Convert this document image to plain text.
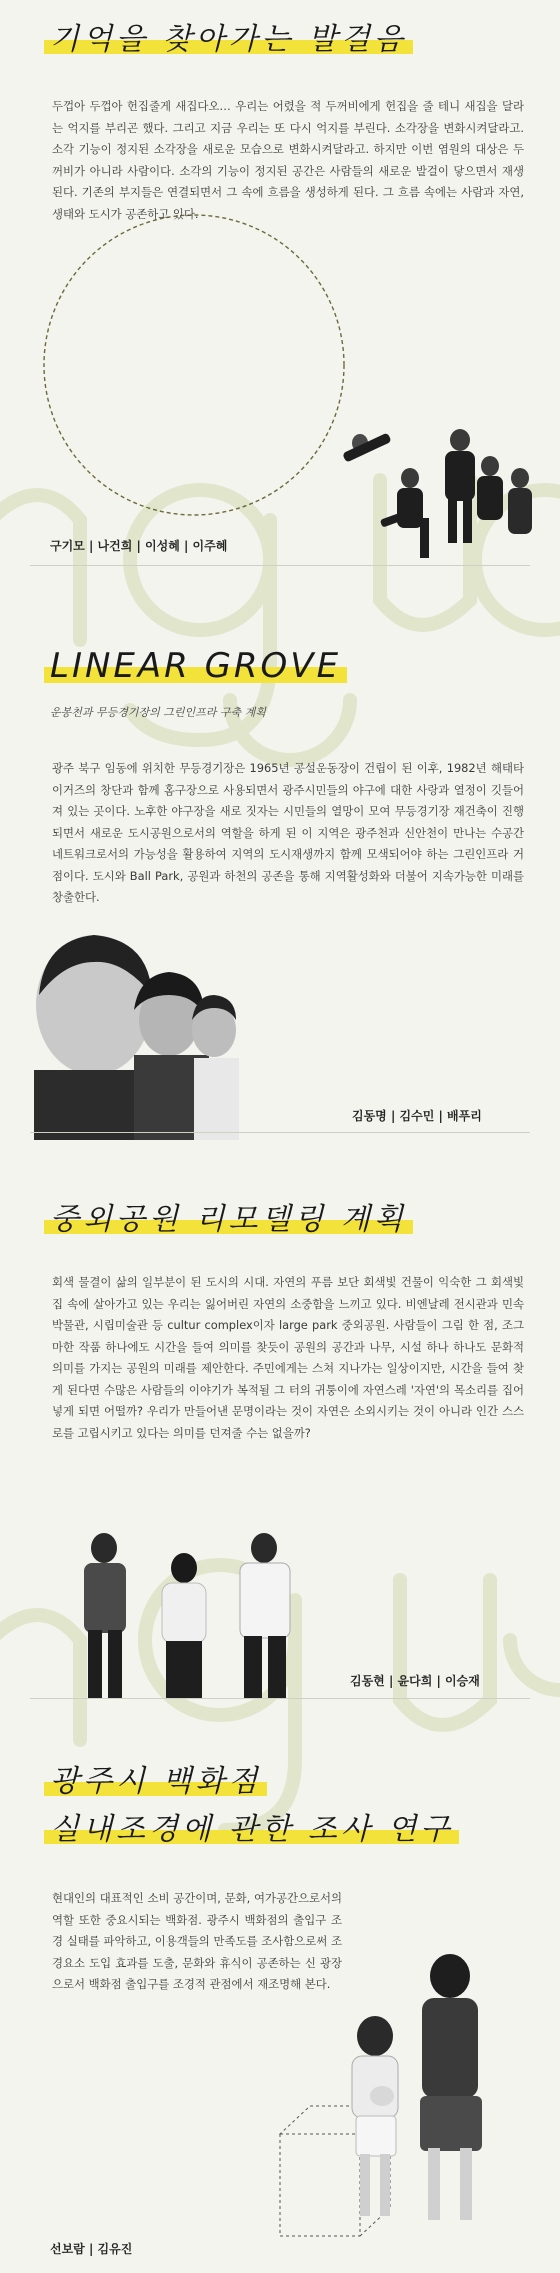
기억을 찾아가는 발걸음

두껍아 두껍아 헌집줄게 새집다오… 우리는 어렸을 적 두꺼비에게 헌집을 줄 테니 새집을 달라는 억지를 부리곤 했다. 그리고 지금 우리는 또 다시 억지를 부린다. 소각장을 변화시켜달라고. 소각 기능이 정지된 소각장을 새로운 모습으로 변화시켜달라고. 하지만 이번 염원의 대상은 두꺼비가 아니라 사람이다. 소각의 기능이 정지된 공간은 사람들의 새로운 발걸이 닿으면서 재생된다. 기존의 부지들은 연결되면서 그 속에 흐름을 생성하게 된다. 그 흐름 속에는 사람과 자연, 생태와 도시가 공존하고 있다.

구기모 | 나건희 | 이성혜 | 이주혜
LINEAR GROVE
운봉천과 무등경기장의 그린인프라 구축 계획

광주 북구 임동에 위치한 무등경기장은 1965년 공설운동장이 건립이 된 이후, 1982년 해태타이거즈의 창단과 함께 홈구장으로 사용되면서 광주시민들의 야구에 대한 사랑과 열정이 깃들어져 있는 곳이다. 노후한 야구장을 새로 짓자는 시민들의 열망이 모여 무등경기장 재건축이 진행되면서 새로운 도시공원으로서의 역할을 하게 된 이 지역은 광주천과 신안천이 만나는 수공간 네트워크로서의 가능성을 활용하여 지역의 도시재생까지 함께 모색되어야 하는 그린인프라 거점이다. 도시와 Ball Park, 공원과 하천의 공존을 통해 지역활성화와 더불어 지속가능한 미래를 창출한다.

김동명 | 김수민 | 배푸리
중외공원 리모델링 계획

회색 물결이 삶의 일부분이 된 도시의 시대. 자연의 푸름 보단 회색빛 건물이 익숙한 그 회색빛 집 속에 살아가고 있는 우리는 잃어버린 자연의 소중함을 느끼고 있다. 비엔날레 전시관과 민속박물관, 시립미술관 등 cultur complex이자 large park 중외공원. 사람들이 그림 한 점, 조그마한 작품 하나에도 시간을 들여 의미를 찾듯이 공원의 공간과 나무, 시설 하나 하나도 문화적 의미를 가지는 공원의 미래를 제안한다. 주민에게는 스쳐 지나가는 일상이지만, 시간을 들여 찾게 된다면 수많은 사람들의 이야기가 복적될 그 터의 귀퉁이에 자연스레 '자연'의 목소리를 집어넣게 되면 어떨까? 우리가 만들어낸 문명이라는 것이 자연은 소외시키는 것이 아니라 인간 스스로를 고립시키고 있다는 의미를 던져줄 수는 없을까?

김동현 | 윤다희 | 이승재
광주시 백화점
실내조경에 관한 조사 연구

현대인의 대표적인 소비 공간이며, 문화, 여가공간으로서의 역할 또한 중요시되는 백화점. 광주시 백화점의 출입구 조경 실태를 파악하고, 이용객들의 만족도를 조사함으로써 조경요소 도입 효과를 도출, 문화와 휴식이 공존하는 신 광장으로서 백화점 출입구를 조경적 관점에서 재조명해 본다.

선보람 | 김유진
